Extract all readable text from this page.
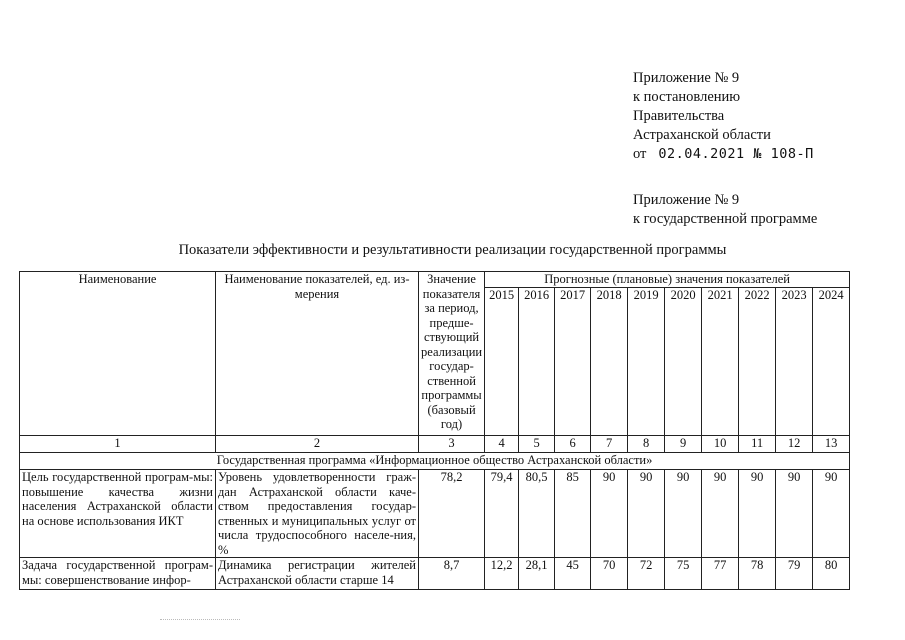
Приложение № 9
к постановлению
Правительства
Астраханской области
от 02.04.2021 № 108-П
Приложение № 9
к государственной программе
Показатели эффективности и результативности реализации государственной программы
Наименование	Наименование показателей, ед. из-мерения	Значение показателя за период, предше-ствующий реализации государ-ственной программы (базовый год)	Прогнозные (плановые) значения показателей									
			2015	2016	2017	2018	2019	2020	2021	2022	2023	2024
1	2	3	4	5	6	7	8	9	10	11	12	13
Государственная программа «Информационное общество Астраханской области»												
Цель государственной програм-мы: повышение качества жизни населения Астраханской области на основе использования ИКТ	Уровень удовлетворенности граж-дан Астраханской области каче-ством предоставления государ-ственных и муниципальных услуг от числа трудоспособного населе-ния, %	78,2	79,4	80,5	85	90	90	90	90	90	90	90
Задача государственной програм-мы: совершенствование инфор-	Динамика регистрации жителей Астраханской области старше 14	8,7	12,2	28,1	45	70	72	75	77	78	79	80
